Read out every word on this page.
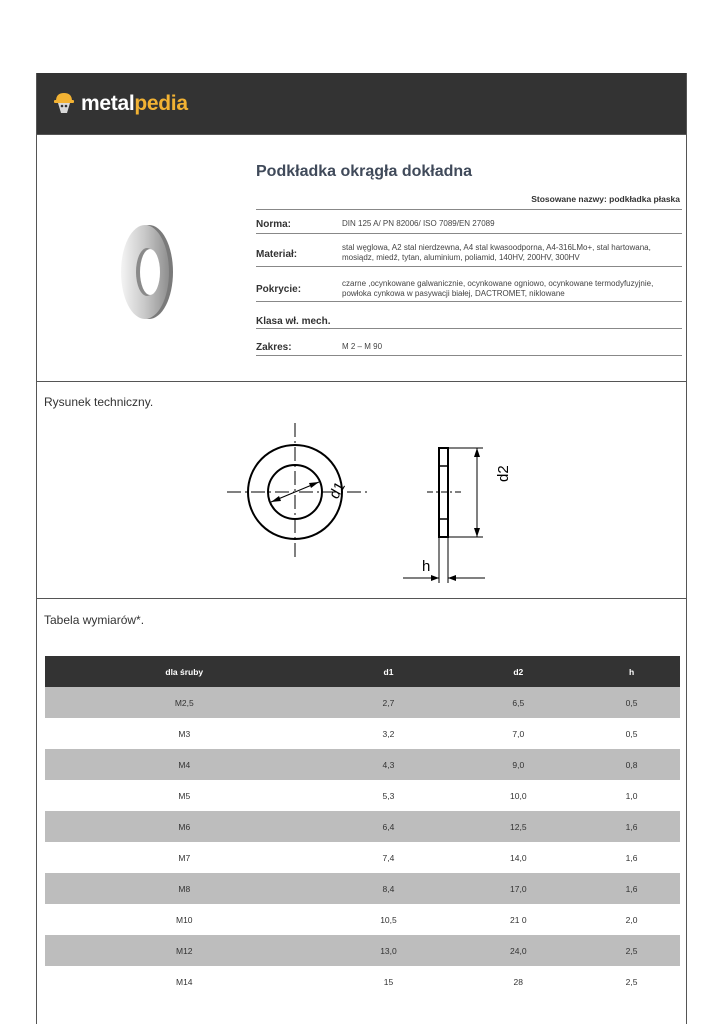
metalpedia
Podkładka okrągła dokładna
Stosowane nazwy: podkładka płaska
Norma:	DIN 125 A/ PN 82006/ ISO 7089/EN 27089
Materiał:
stal węglowa, A2 stal nierdzewna, A4 stal kwasoodporna, A4-316LMo+, stal hartowana, mosiądz, miedź, tytan, aluminium, poliamid, 140HV, 200HV, 300HV
Pokrycie:
czarne ,ocynkowane galwanicznie, ocynkowane ogniowo, ocynkowane termodyfuzyjnie, powłoka cynkowa w pasywacji białej, DACTROMET, niklowane
Klasa wł. mech.
Zakres:	M 2 – M 90
Rysunek techniczny.
d1
d2
h
Tabela wymiarów*.
dla śruby	d1	d2	h
M2,5	2,7	6,5	0,5
M3	3,2	7,0	0,5
M4	4,3	9,0	0,8
M5	5,3	10,0	1,0
M6	6,4	12,5	1,6
M7	7,4	14,0	1,6
M8	8,4	17,0	1,6
M10	10,5	21 0	2,0
M12	13,0	24,0	2,5
M14	15	28	2,5
